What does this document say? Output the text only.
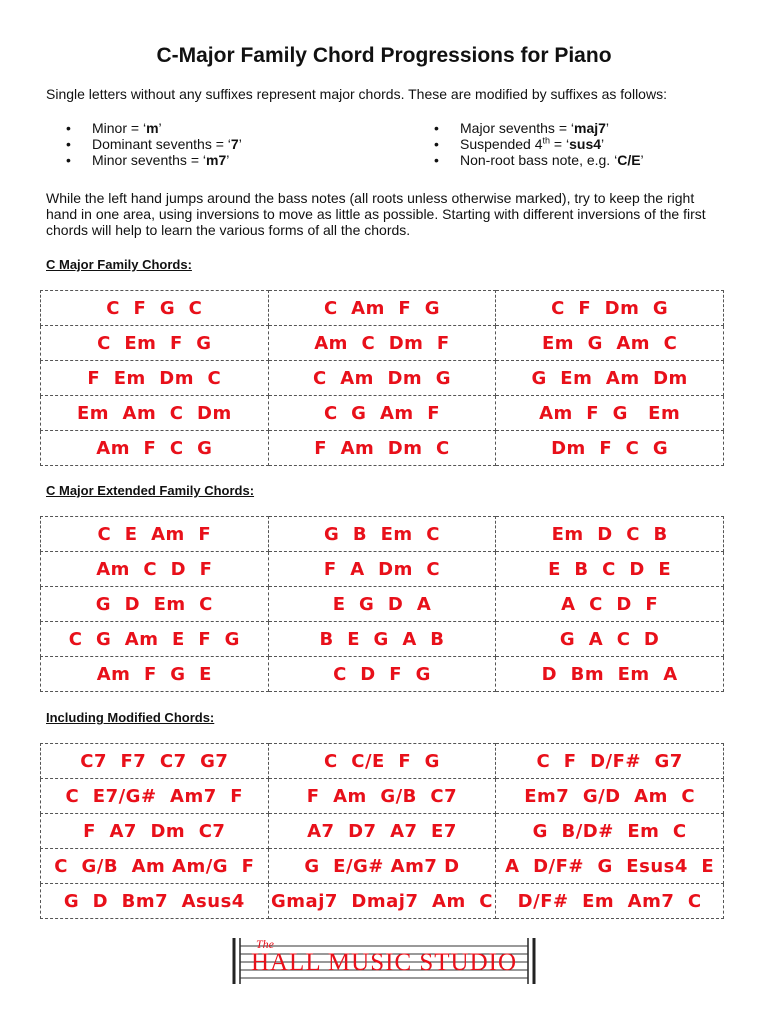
C-Major Family Chord Progressions for Piano

Single letters without any suffixes represent major chords. These are modified by suffixes as follows:

• Minor = ‘m’
• Dominant sevenths = ‘7’
• Minor sevenths = ‘m7’
• Major sevenths = ‘maj7’
• Suspended 4th = ‘sus4’
• Non-root bass note, e.g. ‘C/E’

While the left hand jumps around the bass notes (all roots unless otherwise marked), try to keep the right hand in one area, using inversions to move as little as possible. Starting with different inversions of the first chords will help to learn the various forms of all the chords.

C Major Family Chords:

C  F  G  C	C  Am  F  G	C  F  Dm  G
C  Em  F  G	Am  C  Dm  F	Em  G  Am  C
F  Em  Dm  C	C  Am  Dm  G	G  Em  Am  Dm
Em  Am  C  Dm	C  G  Am  F	Am  F  G   Em
Am  F  C  G	F  Am  Dm  C	Dm  F  C  G

C Major Extended Family Chords:

C  E  Am  F	G  B  Em  C	Em  D  C  B
Am  C  D  F	F  A  Dm  C	E  B  C  D  E
G  D  Em  C	E  G  D  A	A  C  D  F
C  G  Am  E  F  G	B  E  G  A  B	G  A  C  D
Am  F  G  E	C  D  F  G	D  Bm  Em  A

Including Modified Chords:

C7  F7  C7  G7	C  C/E  F  G	C  F  D/F#  G7
C  E7/G#  Am7  F	F  Am  G/B  C7	Em7  G/D  Am  C
F  A7  Dm  C7	A7  D7  A7  E7	G  B/D#  Em  C
C  G/B  Am Am/G  F	G  E/G# Am7 D	A  D/F#  G  Esus4  E
G  D  Bm7  Asus4	Gmaj7  Dmaj7  Am  C	D/F#  Em  Am7  C
The
HALL MUSIC STUDIO
